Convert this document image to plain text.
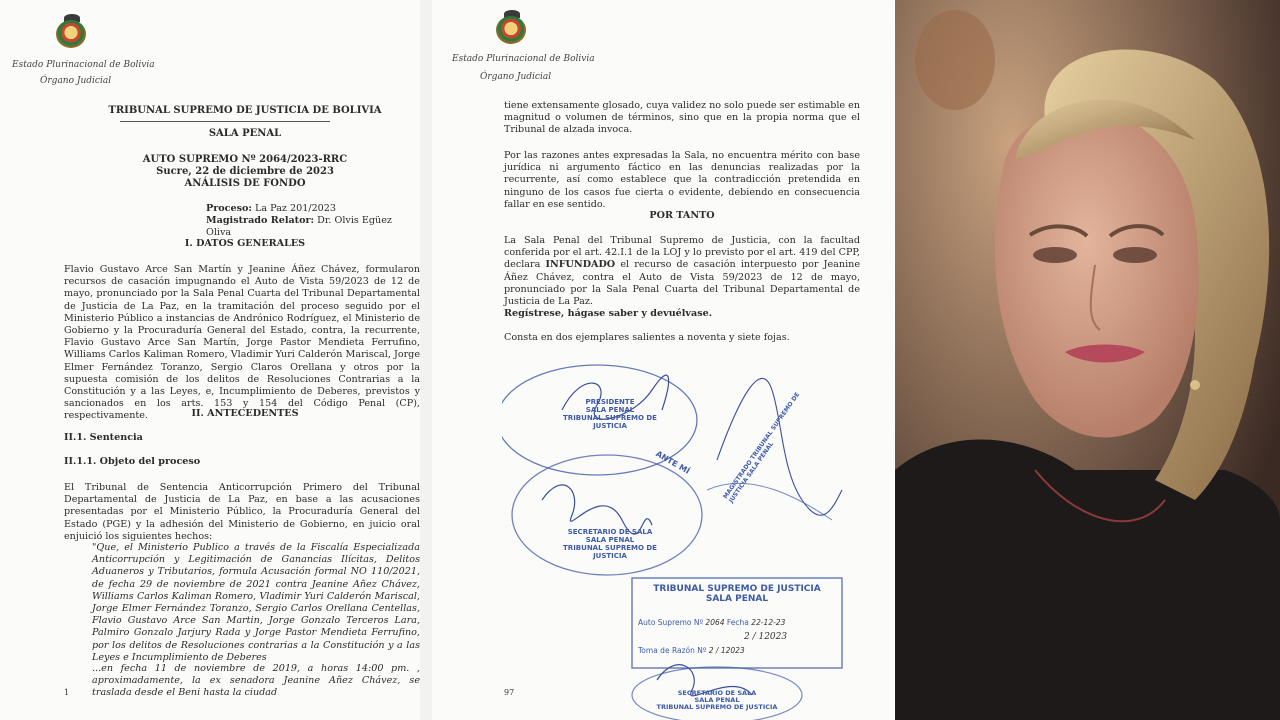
Estado Plurinacional de Bolivia
Órgano Judicial
TRIBUNAL SUPREMO DE JUSTICIA DE BOLIVIA
SALA PENAL
AUTO SUPREMO Nº 2064/2023-RRC
Sucre, 22 de diciembre de 2023
ANÁLISIS DE FONDO
Proceso: La Paz 201/2023
Magistrado Relator: Dr. Olvis Egüez Oliva
I. DATOS GENERALES
Flavio Gustavo Arce San Martín y Jeanine Áñez Chávez, formularon recursos de casación impugnando el Auto de Vista 59/2023 de 12 de mayo, pronunciado por la Sala Penal Cuarta del Tribunal Departamental de Justicia de La Paz, en la tramitación del proceso seguido por el Ministerio Público a instancias de Andrónico Rodríguez, el Ministerio de Gobierno y la Procuraduría General del Estado, contra, la recurrente, Flavio Gustavo Arce San Martín, Jorge Pastor Mendieta Ferrufino, Williams Carlos Kaliman Romero, Vladimir Yuri Calderón Mariscal, Jorge Elmer Fernández Toranzo, Sergio Claros Orellana y otros por la supuesta comisión de los delitos de Resoluciones Contrarias a la Constitución y a las Leyes, e, Incumplimiento de Deberes, previstos y sancionados en los arts. 153 y 154 del Código Penal (CP), respectivamente.	II. ANTECEDENTES
II.1. Sentencia
II.1.1. Objeto del proceso
El Tribunal de Sentencia Anticorrupción Primero del Tribunal Departamental de Justicia de La Paz, en base a las acusaciones presentadas por el Ministerio Público, la Procuraduría General del Estado (PGE) y la adhesión del Ministerio de Gobierno, en juicio oral enjuició los siguientes hechos:
"Que, el Ministerio Publico a través de la Fiscalía Especializada Anticorrupción y Legitimación de Ganancias Ilícitas, Delitos Aduaneros y Tributarios, formula Acusación formal NO 110/2021, de fecha 29 de noviembre de 2021 contra Jeanine Añez Chávez, Williams Carlos Kaliman Romero, Vladimir Yuri Calderón Mariscal, Jorge Elmer Fernández Toranzo, Sergio Carlos Orellana Centellas, Flavio Gustavo Arce San Martin, Jorge Gonzalo Terceros Lara, Palmiro Gonzalo Jarjury Rada y Jorge Pastor Mendieta Ferrufino, por los delitos de Resoluciones contrarias a la Constitución y a las Leyes e Incumplimiento de Deberes
...en fecha 11 de noviembre de 2019, a horas 14:00 pm. , aproximadamente, la ex senadora Jeanine Añez Chávez, se traslada desde el Beni hasta la ciudad
1
Estado Plurinacional de Bolivia
Órgano Judicial
tiene extensamente glosado, cuya validez no solo puede ser estimable en magnitud o volumen de términos, sino que en la propia norma que el Tribunal de alzada invoca.
Por las razones antes expresadas la Sala, no encuentra mérito con base jurídica ni argumento fáctico en las denuncias realizadas por la recurrente, así como establece que la contradicción pretendida en ninguno de los casos fue cierta o evidente, debiendo en consecuencia fallar en ese sentido.
POR TANTO
La Sala Penal del Tribunal Supremo de Justicia, con la facultad conferida por el art. 42.I.1 de la LOJ y lo previsto por el art. 419 del CPP, declara INFUNDADO el recurso de casación interpuesto por Jeanine Áñez Chávez, contra el Auto de Vista 59/2023 de 12 de mayo, pronunciado por la Sala Penal Cuarta del Tribunal Departamental de Justicia de La Paz.
Regístrese, hágase saber y devuélvase.
Consta en dos ejemplares salientes a noventa y siete fojas.
PRESIDENTE
SALA PENAL
TRIBUNAL SUPREMO DE JUSTICIA
ANTE MÍ	MAGISTRADO TRIBUNAL SUPREMO DE JUSTICIA SALA PENAL
SECRETARIO DE SALA
SALA PENAL
TRIBUNAL SUPREMO DE JUSTICIA
TRIBUNAL SUPREMO DE JUSTICIA
SALA PENAL
Auto Supremo Nº 2064 Fecha 22-12-23
2 / 12023
Toma de Razón Nº 2 / 12023
SECRETARIO DE SALA
SALA PENAL
TRIBUNAL SUPREMO DE JUSTICIA
97
